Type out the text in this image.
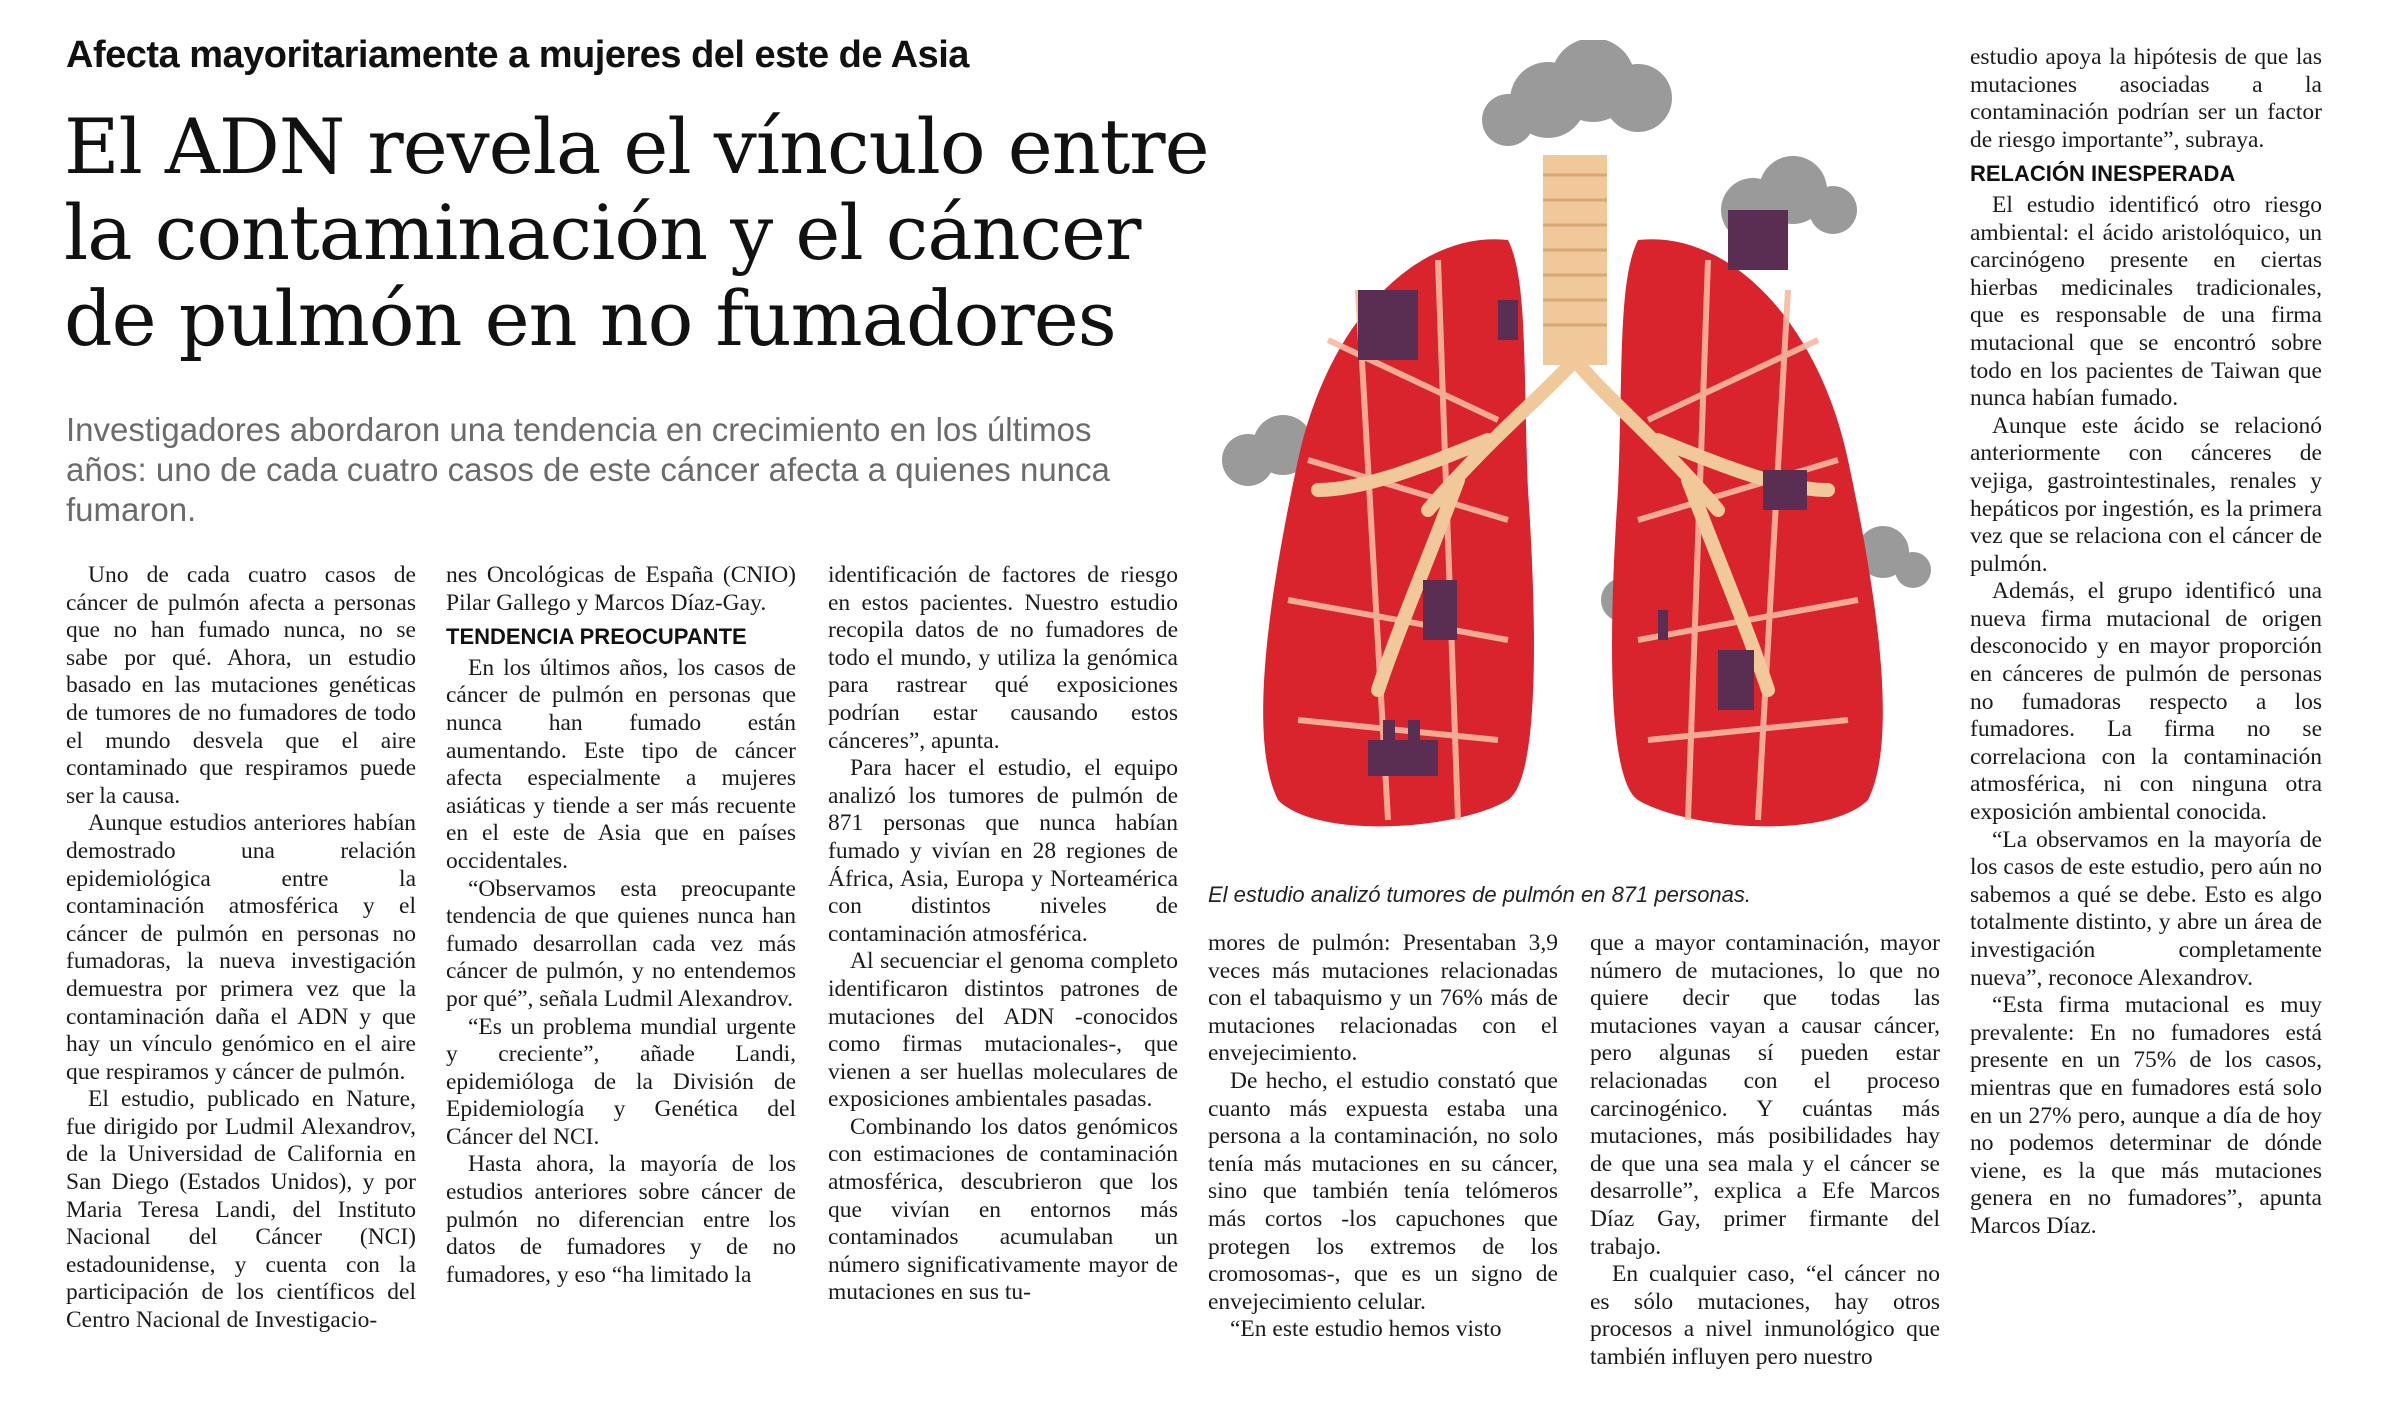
Afecta mayoritariamente a mujeres del este de Asia
El ADN revela el vínculo entre
la contaminación y el cáncer
de pulmón en no fumadores
Investigadores abordaron una tendencia en crecimiento en los últimos años: uno de cada cuatro casos de este cáncer afecta a quienes nunca fumaron.

Uno de cada cuatro casos de cáncer de pulmón afecta a personas que no han fumado nunca, no se sabe por qué. Ahora, un estudio basado en las mutaciones genéticas de tumores de no fumadores de todo el mundo desvela que el aire contaminado que respiramos puede ser la causa.

Aunque estudios anteriores habían demostrado una relación epidemiológica entre la contaminación atmosférica y el cáncer de pulmón en personas no fumadoras, la nueva investigación demuestra por primera vez que la contaminación daña el ADN y que hay un vínculo genómico en el aire que respiramos y cáncer de pulmón.

El estudio, publicado en Nature, fue dirigido por Ludmil Alexandrov, de la Universidad de California en San Diego (Estados Unidos), y por Maria Teresa Landi, del Instituto Nacional del Cáncer (NCI) estadounidense, y cuenta con la participación de los científicos del Centro Nacional de Investigacio-

nes Oncológicas de España (CNIO) Pilar Gallego y Marcos Díaz-Gay.

TENDENCIA PREOCUPANTE

En los últimos años, los casos de cáncer de pulmón en personas que nunca han fumado están aumentando. Este tipo de cáncer afecta especialmente a mujeres asiáticas y tiende a ser más recuente en el este de Asia que en países occidentales.

“Observamos esta preocupante tendencia de que quienes nunca han fumado desarrollan cada vez más cáncer de pulmón, y no entendemos por qué”, señala Ludmil Alexandrov.

“Es un problema mundial urgente y creciente”, añade Landi, epidemióloga de la División de Epidemiología y Genética del Cáncer del NCI.

Hasta ahora, la mayoría de los estudios anteriores sobre cáncer de pulmón no diferencian entre los datos de fumadores y de no fumadores, y eso “ha limitado la

identificación de factores de riesgo en estos pacientes. Nuestro estudio recopila datos de no fumadores de todo el mundo, y utiliza la genómica para rastrear qué exposiciones podrían estar causando estos cánceres”, apunta.

Para hacer el estudio, el equipo analizó los tumores de pulmón de 871 personas que nunca habían fumado y vivían en 28 regiones de África, Asia, Europa y Norteamérica con distintos niveles de contaminación atmosférica.

Al secuenciar el genoma completo identificaron distintos patrones de mutaciones del ADN -conocidos como firmas mutacionales-, que vienen a ser huellas moleculares de exposiciones ambientales pasadas.

Combinando los datos genómicos con estimaciones de contaminación atmosférica, descubrieron que los que vivían en entornos más contaminados acumulaban un número significativamente mayor de mutaciones en sus tu-

El estudio analizó tumores de pulmón en 871 personas.

mores de pulmón: Presentaban 3,9 veces más mutaciones relacionadas con el tabaquismo y un 76% más de mutaciones relacionadas con el envejecimiento.

De hecho, el estudio constató que cuanto más expuesta estaba una persona a la contaminación, no solo tenía más mutaciones en su cáncer, sino que también tenía telómeros más cortos -los capuchones que protegen los extremos de los cromosomas-, que es un signo de envejecimiento celular.

“En este estudio hemos visto

que a mayor contaminación, mayor número de mutaciones, lo que no quiere decir que todas las mutaciones vayan a causar cáncer, pero algunas sí pueden estar relacionadas con el proceso carcinogénico. Y cuántas más mutaciones, más posibilidades hay de que una sea mala y el cáncer se desarrolle”, explica a Efe Marcos Díaz Gay, primer firmante del trabajo.

En cualquier caso, “el cáncer no es sólo mutaciones, hay otros procesos a nivel inmunológico que también influyen pero nuestro

estudio apoya la hipótesis de que las mutaciones asociadas a la contaminación podrían ser un factor de riesgo importante”, subraya.

RELACIÓN INESPERADA

El estudio identificó otro riesgo ambiental: el ácido aristolóquico, un carcinógeno presente en ciertas hierbas medicinales tradicionales, que es responsable de una firma mutacional que se encontró sobre todo en los pacientes de Taiwan que nunca habían fumado.

Aunque este ácido se relacionó anteriormente con cánceres de vejiga, gastrointestinales, renales y hepáticos por ingestión, es la primera vez que se relaciona con el cáncer de pulmón.

Además, el grupo identificó una nueva firma mutacional de origen desconocido y en mayor proporción en cánceres de pulmón de personas no fumadoras respecto a los fumadores. La firma no se correlaciona con la contaminación atmosférica, ni con ninguna otra exposición ambiental conocida.

“La observamos en la mayoría de los casos de este estudio, pero aún no sabemos a qué se debe. Esto es algo totalmente distinto, y abre un área de investigación completamente nueva”, reconoce Alexandrov.

“Esta firma mutacional es muy prevalente: En no fumadores está presente en un 75% de los casos, mientras que en fumadores está solo en un 27% pero, aunque a día de hoy no podemos determinar de dónde viene, es la que más mutaciones genera en no fumadores”, apunta Marcos Díaz.
